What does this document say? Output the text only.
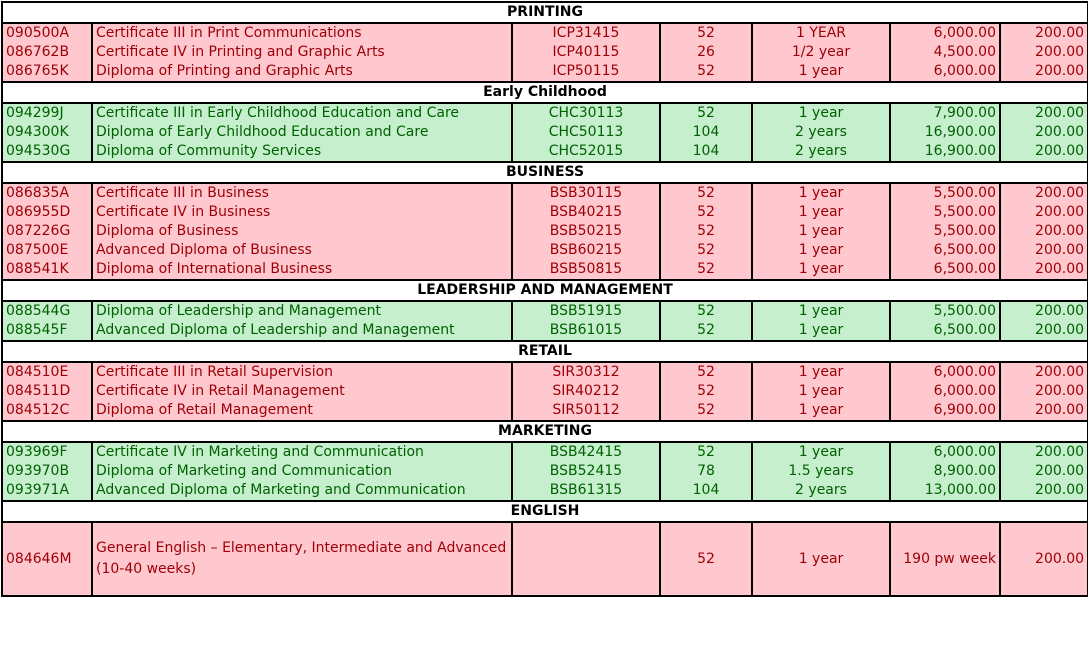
PRINTING						
090500A	Certificate III in Print Communications	ICP31415	52	1 YEAR	6,000.00	200.00
086762B	Certificate IV in Printing and Graphic Arts	ICP40115	26	1/2 year	4,500.00	200.00
086765K	Diploma of Printing and Graphic Arts	ICP50115	52	1 year	6,000.00	200.00
Early Childhood						
094299J	Certificate III in Early Childhood Education and Care	CHC30113	52	1 year	7,900.00	200.00
094300K	Diploma of Early Childhood Education and Care	CHC50113	104	2 years	16,900.00	200.00
094530G	Diploma of Community Services	CHC52015	104	2 years	16,900.00	200.00
BUSINESS						
086835A	Certificate III in Business	BSB30115	52	1 year	5,500.00	200.00
086955D	Certificate IV in Business	BSB40215	52	1 year	5,500.00	200.00
087226G	Diploma of Business	BSB50215	52	1 year	5,500.00	200.00
087500E	Advanced Diploma of Business	BSB60215	52	1 year	6,500.00	200.00
088541K	Diploma of International Business	BSB50815	52	1 year	6,500.00	200.00
LEADERSHIP AND MANAGEMENT						
088544G	Diploma of Leadership and Management	BSB51915	52	1 year	5,500.00	200.00
088545F	Advanced Diploma of Leadership and Management	BSB61015	52	1 year	6,500.00	200.00
RETAIL						
084510E	Certificate III in Retail Supervision	SIR30312	52	1 year	6,000.00	200.00
084511D	Certificate IV in Retail Management	SIR40212	52	1 year	6,000.00	200.00
084512C	Diploma of Retail Management	SIR50112	52	1 year	6,900.00	200.00
MARKETING						
093969F	Certificate IV in Marketing and Communication	BSB42415	52	1 year	6,000.00	200.00
093970B	Diploma of Marketing and Communication	BSB52415	78	1.5 years	8,900.00	200.00
093971A	Advanced Diploma of Marketing and Communication	BSB61315	104	2 years	13,000.00	200.00
ENGLISH						
084646M	General English – Elementary, Intermediate and Advanced (10-40 weeks)		52	1 year	190 pw week	200.00
